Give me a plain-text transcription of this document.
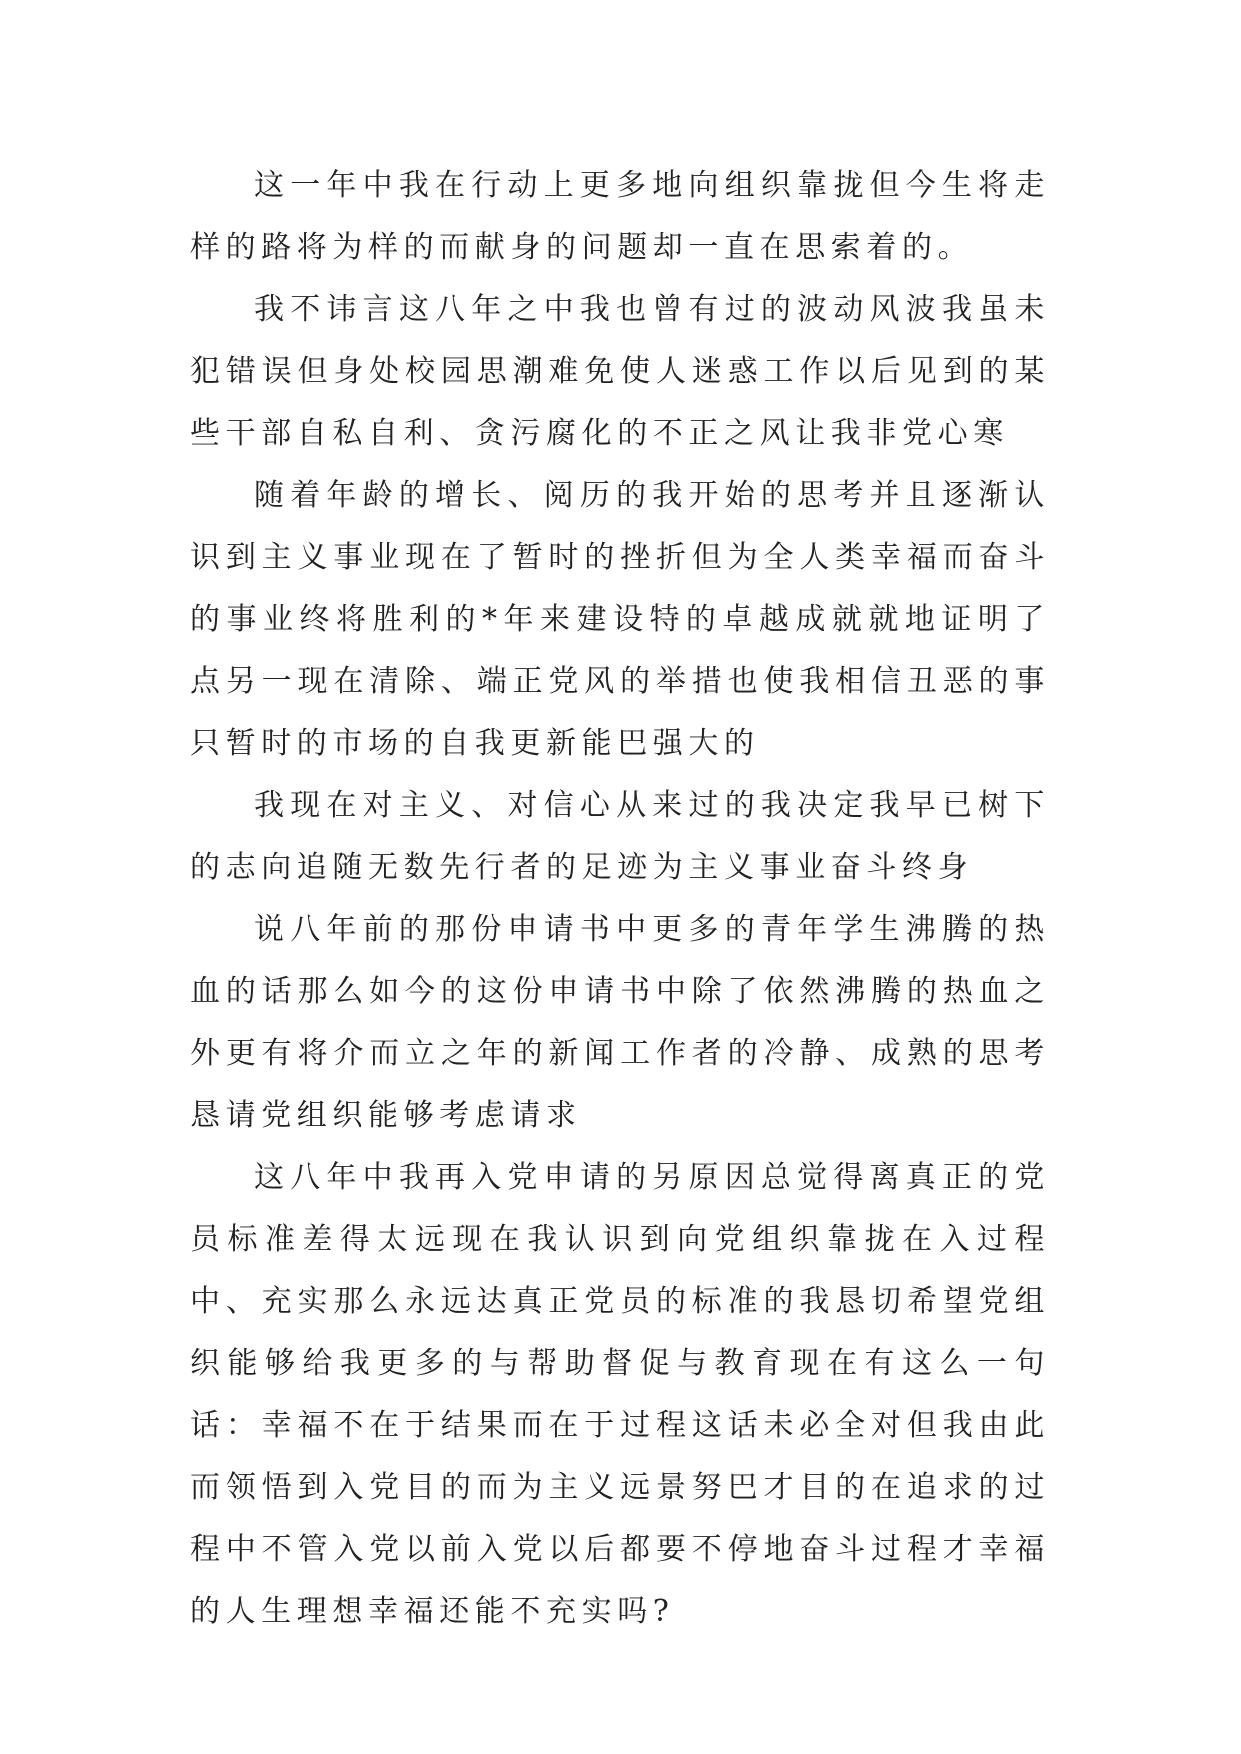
这一年中我在行动上更多地向组织靠拢但今生将走样的路将为样的而献身的问题却一直在思索着的。

我不讳言这八年之中我也曾有过的波动风波我虽未犯错误但身处校园思潮难免使人迷惑工作以后见到的某些干部自私自利、贪污腐化的不正之风让我非党心寒

随着年龄的增长、阅历的我开始的思考并且逐渐认识到主义事业现在了暂时的挫折但为全人类幸福而奋斗的事业终将胜利的*年来建设特的卓越成就就地证明了点另一现在清除、端正党风的举措也使我相信丑恶的事只暂时的市场的自我更新能巴强大的

我现在对主义、对信心从来过的我决定我早已树下的志向追随无数先行者的足迹为主义事业奋斗终身

说八年前的那份申请书中更多的青年学生沸腾的热血的话那么如今的这份申请书中除了依然沸腾的热血之外更有将介而立之年的新闻工作者的冷静、成熟的思考恳请党组织能够考虑请求

这八年中我再入党申请的另原因总觉得离真正的党员标准差得太远现在我认识到向党组织靠拢在入过程中、充实那么永远达真正党员的标准的我恳切希望党组织能够给我更多的与帮助督促与教育现在有这么一句话：幸福不在于结果而在于过程这话未必全对但我由此而领悟到入党目的而为主义远景努巴才目的在追求的过程中不管入党以前入党以后都要不停地奋斗过程才幸福的人生理想幸福还能不充实吗?
